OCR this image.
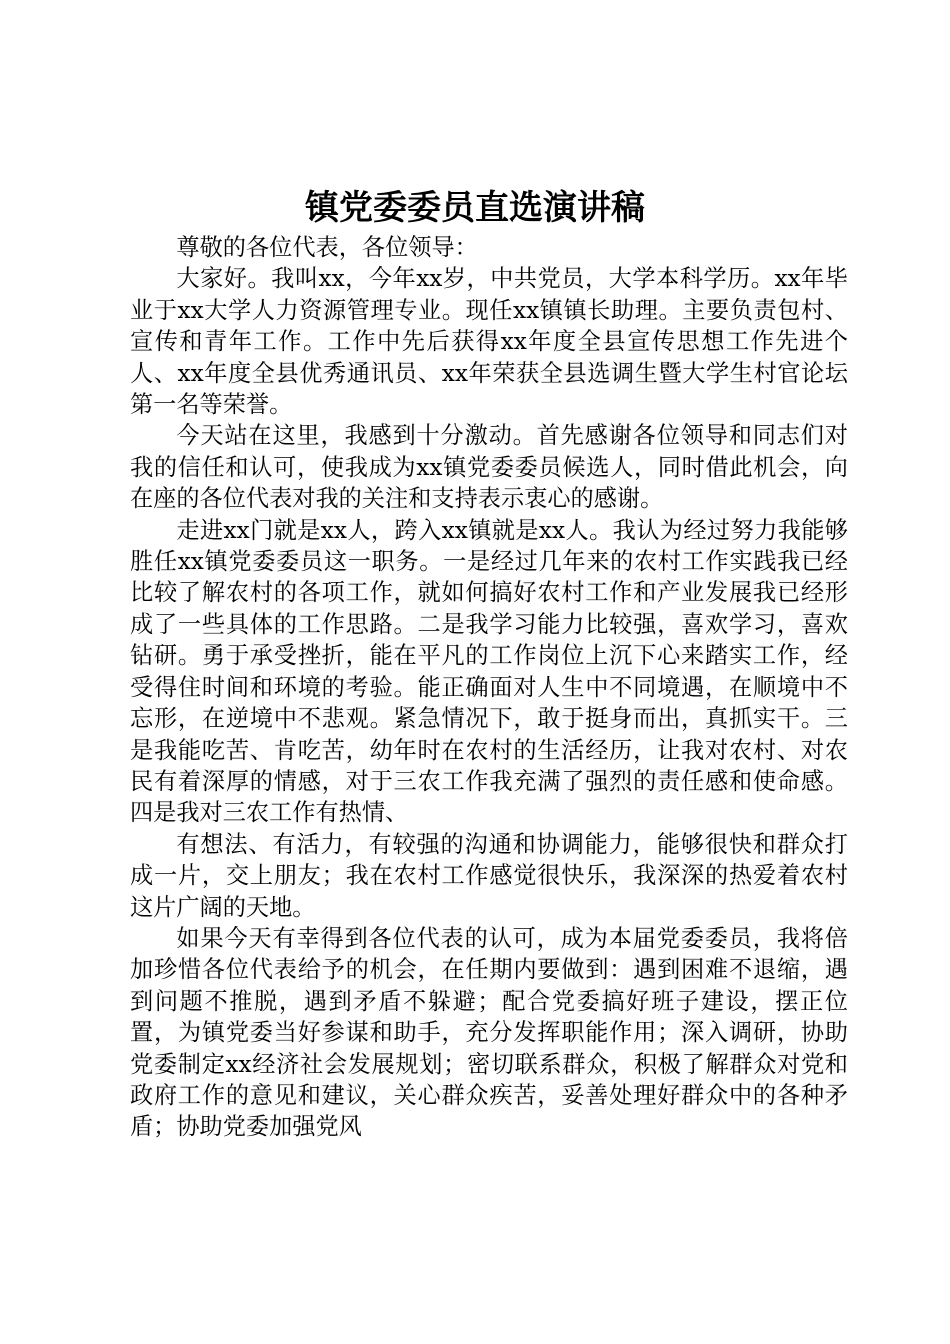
镇党委委员直选演讲稿

尊敬的各位代表，各位领导：

大家好。我叫xx，今年xx岁，中共党员，大学本科学历。xx年毕业于xx大学人力资源管理专业。现任xx镇镇长助理。主要负责包村、宣传和青年工作。工作中先后获得xx年度全县宣传思想工作先进个人、xx年度全县优秀通讯员、xx年荣获全县选调生暨大学生村官论坛第一名等荣誉。

今天站在这里，我感到十分激动。首先感谢各位领导和同志们对我的信任和认可，使我成为xx镇党委委员候选人，同时借此机会，向在座的各位代表对我的关注和支持表示衷心的感谢。

走进xx门就是xx人，跨入xx镇就是xx人。我认为经过努力我能够胜任xx镇党委委员这一职务。一是经过几年来的农村工作实践我已经比较了解农村的各项工作，就如何搞好农村工作和产业发展我已经形成了一些具体的工作思路。二是我学习能力比较强，喜欢学习，喜欢钻研。勇于承受挫折，能在平凡的工作岗位上沉下心来踏实工作，经受得住时间和环境的考验。能正确面对人生中不同境遇，在顺境中不忘形，在逆境中不悲观。紧急情况下，敢于挺身而出，真抓实干。三是我能吃苦、肯吃苦，幼年时在农村的生活经历，让我对农村、对农民有着深厚的情感，对于三农工作我充满了强烈的责任感和使命感。四是我对三农工作有热情、

有想法、有活力，有较强的沟通和协调能力，能够很快和群众打成一片，交上朋友；我在农村工作感觉很快乐，我深深的热爱着农村这片广阔的天地。

如果今天有幸得到各位代表的认可，成为本届党委委员，我将倍加珍惜各位代表给予的机会，在任期内要做到：遇到困难不退缩，遇到问题不推脱，遇到矛盾不躲避；配合党委搞好班子建设，摆正位置，为镇党委当好参谋和助手，充分发挥职能作用；深入调研，协助党委制定xx经济社会发展规划；密切联系群众，积极了解群众对党和政府工作的意见和建议，关心群众疾苦，妥善处理好群众中的各种矛盾；协助党委加强党风
